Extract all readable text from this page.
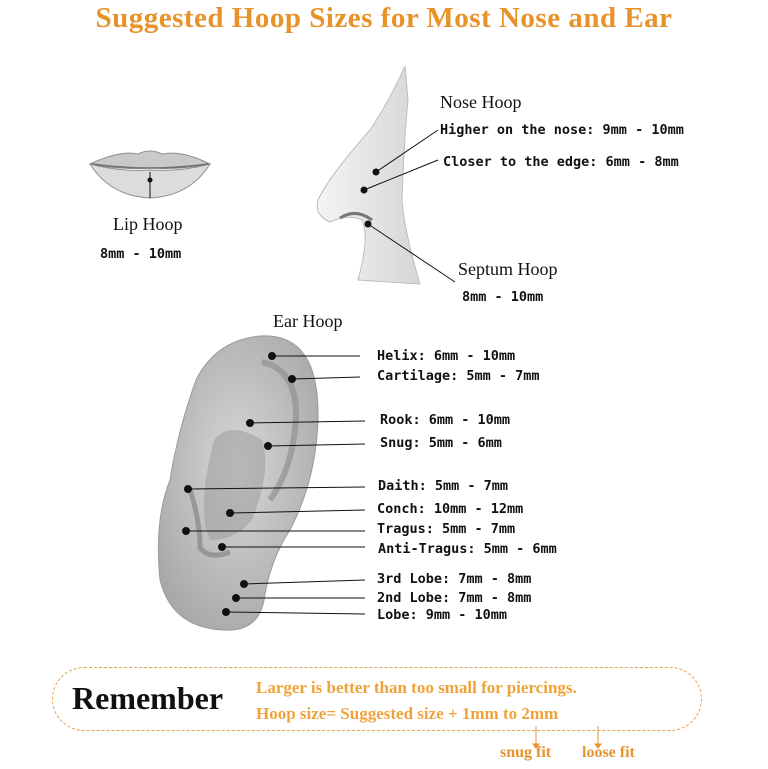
Suggested Hoop Sizes for Most Nose and Ear
Lip Hoop
8mm - 10mm
Nose Hoop
Higher on the nose: 9mm - 10mm
Closer to the edge: 6mm - 8mm
Septum Hoop
8mm - 10mm
Ear Hoop
Helix: 6mm - 10mm
Cartilage: 5mm - 7mm
Rook: 6mm - 10mm
Snug: 5mm - 6mm
Daith: 5mm - 7mm
Conch: 10mm - 12mm
Tragus: 5mm - 7mm
Anti-Tragus: 5mm - 6mm
3rd Lobe: 7mm - 8mm
2nd Lobe: 7mm - 8mm
Lobe: 9mm - 10mm
Remember Larger is better than too small for piercings.
Hoop size= Suggested size + 1mm to 2mm
snug fit loose fit
